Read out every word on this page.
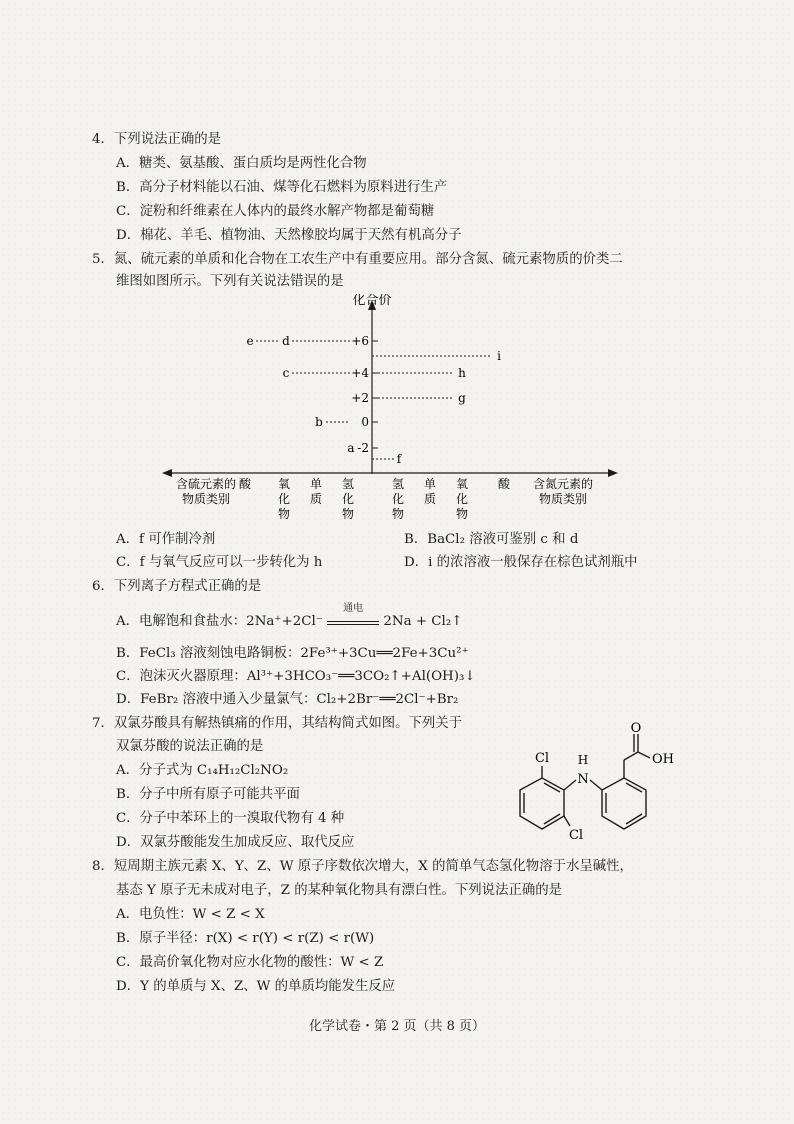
4．下列说法正确的是
A．糖类、氨基酸、蛋白质均是两性化合物
B．高分子材料能以石油、煤等化石燃料为原料进行生产
C．淀粉和纤维素在人体内的最终水解产物都是葡萄糖
D．棉花、羊毛、植物油、天然橡胶均属于天然有机高分子
5．氮、硫元素的单质和化合物在工农生产中有重要应用。部分含氮、硫元素物质的价类二
维图如图所示。下列有关说法错误的是
化合价
+6
+4
+2
0
-2
e d
c
b
a
i
h
g
f
含硫元素的
物质类别
含氮元素的
物质类别
酸 氧
化
物
单
质
氢
化
物
氢
化
物
单
质
氧
化
物
酸
A．f 可作制冷剂	B．BaCl₂ 溶液可鉴别 c 和 d
C．f 与氧气反应可以一步转化为 h	D．i 的浓溶液一般保存在棕色试剂瓶中
6．下列离子方程式正确的是
A．电解饱和食盐水：2Na⁺+2Cl⁻
通电
2Na + Cl₂↑
B．FeCl₃ 溶液刻蚀电路铜板：2Fe³⁺+3Cu══2Fe+3Cu²⁺
C．泡沫灭火器原理：Al³⁺+3HCO₃⁻══3CO₂↑+Al(OH)₃↓
D．FeBr₂ 溶液中通入少量氯气：Cl₂+2Br⁻══2Cl⁻+Br₂
7．双氯芬酸具有解热镇痛的作用，其结构简式如图。下列关于
双氯芬酸的说法正确的是
A．分子式为 C₁₄H₁₂Cl₂NO₂
B．分子中所有原子可能共平面
C．分子中苯环上的一溴取代物有 4 种
D．双氯芬酸能发生加成反应、取代反应
Cl H
N
O
OH
Cl
8．短周期主族元素 X、Y、Z、W 原子序数依次增大，X 的简单气态氢化物溶于水呈碱性，
基态 Y 原子无未成对电子，Z 的某种氧化物具有漂白性。下列说法正确的是
A．电负性：W < Z < X
B．原子半径：r(X) < r(Y) < r(Z) < r(W)
C．最高价氧化物对应水化物的酸性：W < Z
D．Y 的单质与 X、Z、W 的单质均能发生反应
化学试卷・第 2 页（共 8 页）
